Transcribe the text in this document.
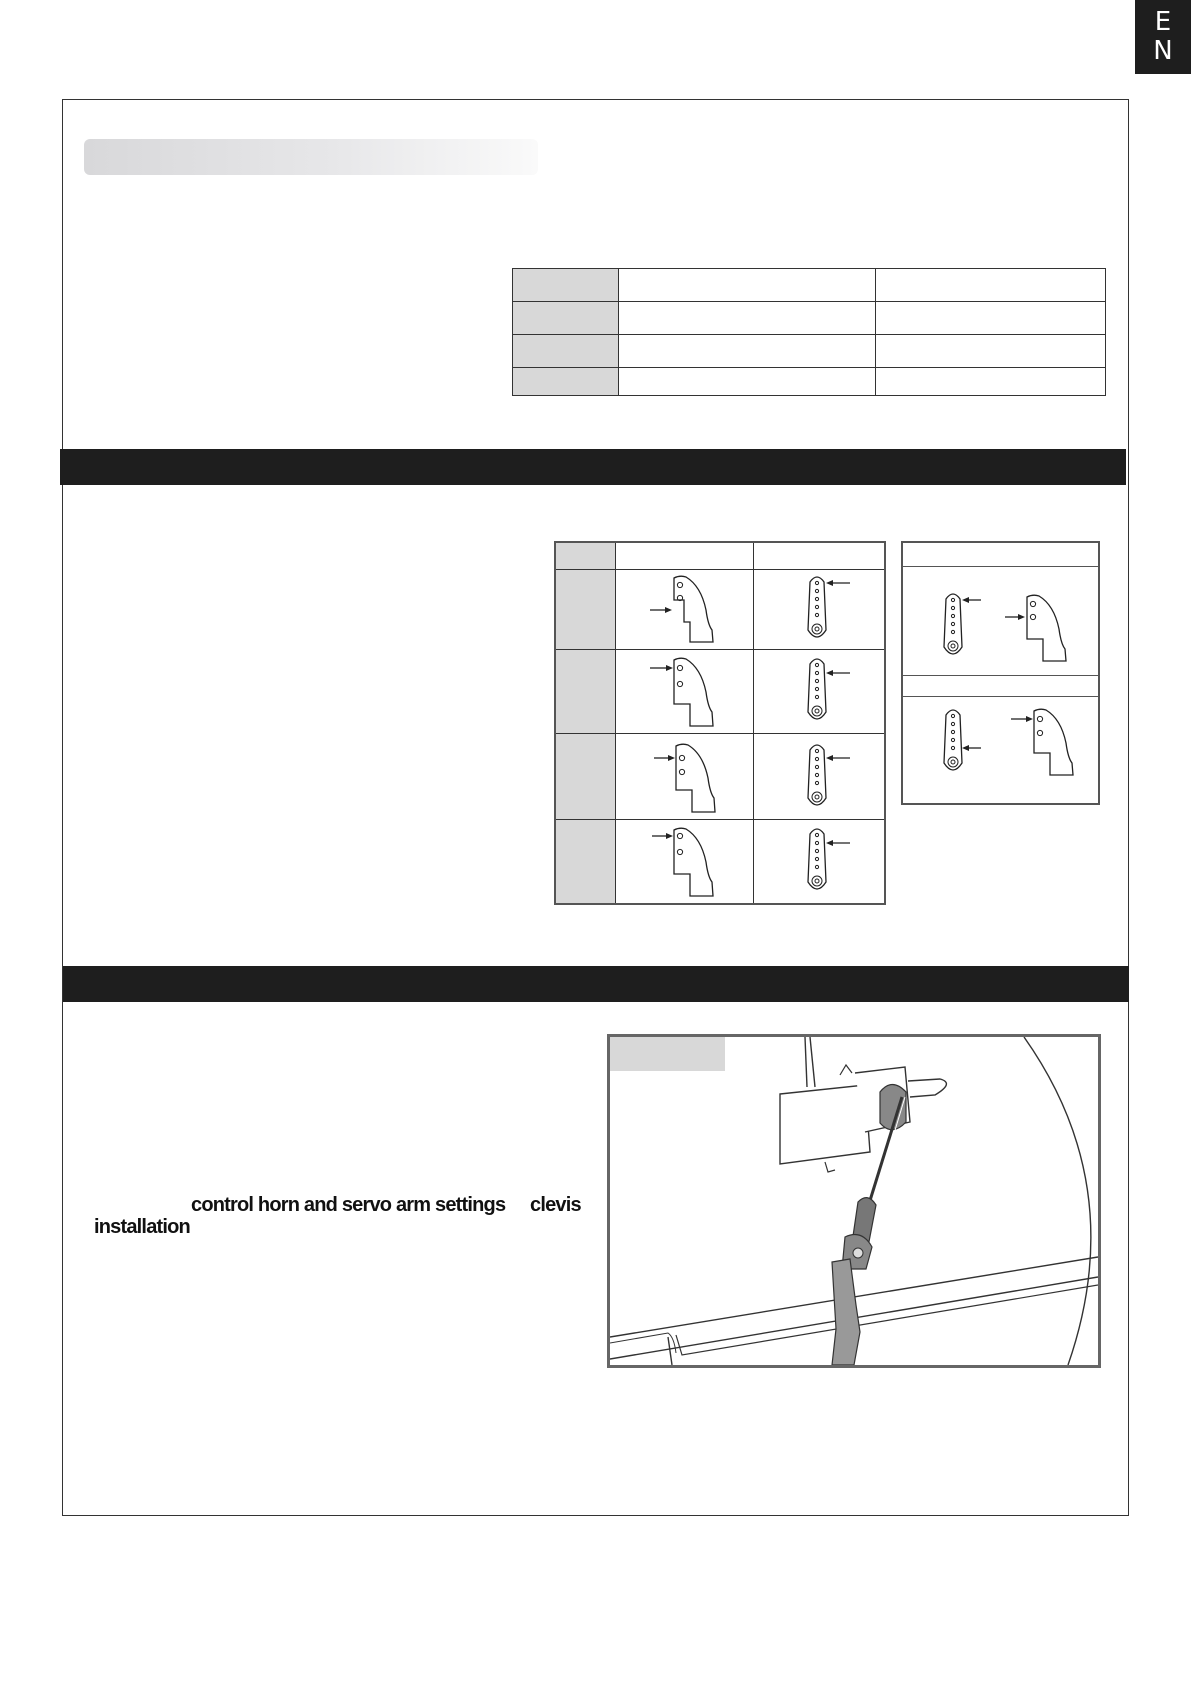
E
N

control horn and servo arm settings clevis
installation
